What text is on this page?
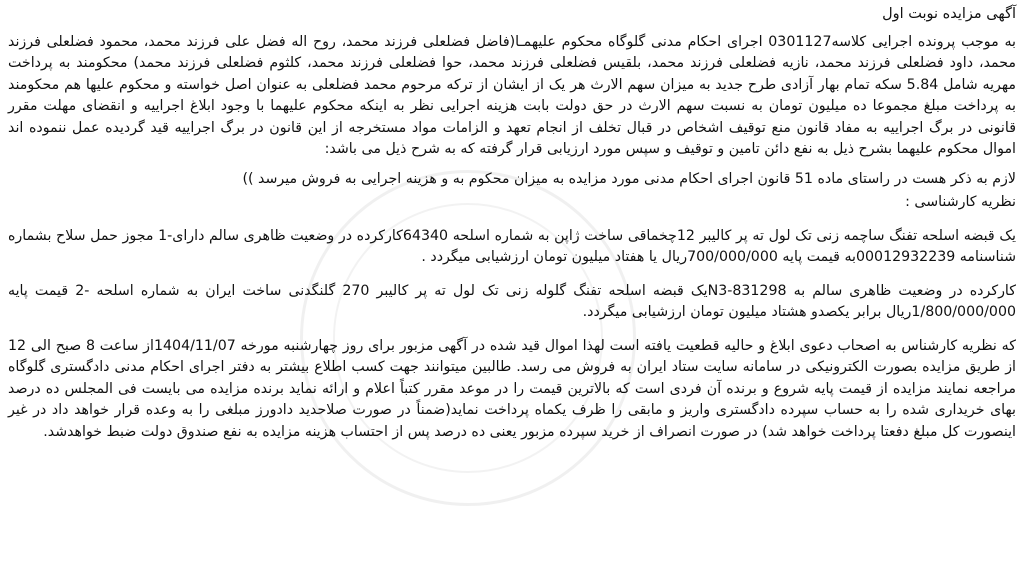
آگهی مزایده نوبت اول

به موجب پرونده اجرایی کلاسه0301127 اجرای احکام مدنی گلوگاه محکوم علیهمـا(فاضل فضلعلی فرزند محمد، روح اله فضل علی فرزند محمد، محمود فضلعلی فرزند محمد، داود فضلعلی فرزند محمد، نازیه فضلعلی فرزند محمد، بلقیس فضلعلی فرزند محمد، حوا فضلعلی فرزند محمد، کلثوم فضلعلی فرزند محمد) محکومند به پرداخت مهریه شامل 5.84 سکه تمام بهار آزادی طرح جدید به میزان سهم الارث هر یک از ایشان از ترکه مرحوم محمد فضلعلی به عنوان اصل خواسته و محکوم علیها هم محکومند به پرداخت مبلغ مجموعا ده میلیون تومان به نسبت سهم الارث در حق دولت بابت هزینه اجرایی نظر به اینکه محکوم علیهما با وجود ابلاغ اجراییه و انقضای مهلت مقرر قانونی در برگ اجراییه به مفاد قانون منع توقیف اشخاص در قبال تخلف از انجام تعهد و الزامات مواد مستخرجه از این قانون در برگ اجراییه قید گردیده عمل ننموده اند اموال محکوم علیهما بشرح ذیل به نفع دائن تامین و توقیف و سپس مورد ارزیابی قرار گرفته که به شرح ذیل می باشد:

لازم به ذکر هست در راستای ماده 51 قانون اجرای احکام مدنی مورد مزایده به میزان محکوم به و هزینه اجرایی به فروش میرسد ))

نظریه کارشناسی :

یک قبضه اسلحه تفنگ ساچمه زنی تک لول ته پر کالیبر 12چخماقی ساخت ژاپن به شماره اسلحه 64340کارکرده در وضعیت ظاهری سالم دارای-1 مجوز حمل سلاح بشماره شناسنامه 00012932239به قیمت پایه 700/000/000ریال یا هفتاد میلیون تومان ارزشیابی میگردد .

کارکرده در وضعیت ظاهری سالم به N3-831298یک قبضه اسلحه تفنگ گلوله زنی تک لول ته پر کالیبر 270 گلنگدنی ساخت ایران به شماره اسلحه -2 قیمت پایه 1/800/000/000ریال برابر یکصدو هشتاد میلیون تومان ارزشیابی میگردد.

که نظریه کارشناس به اصحاب دعوی ابلاغ و حالیه قطعیت یافته است لهذا اموال قید شده در آگهی مزبور برای روز چهارشنبه مورخه 1404/11/07از ساعت 8 صبح الی 12 از طریق مزایده بصورت الکترونیکی در سامانه سایت ستاد ایران به فروش می رسد. طالبین میتوانند جهت کسب اطلاع بیشتر به دفتر اجرای احکام مدنی دادگستری گلوگاه مراجعه نمایند مزایده از قیمت پایه شروع و برنده آن فردی است که بالاترین قیمت را در موعد مقرر کتباً اعلام و ارائه نماید برنده مزایده می بایست فی المجلس ده درصد بهای خریداری شده را به حساب سپرده دادگستری واریز و مابقی را ظرف یکماه پرداخت نماید(ضمناً در صورت صلاحدید دادورز مبلغی را به وعده قرار خواهد داد در غیر اینصورت کل مبلغ دفعتا پرداخت خواهد شد) در صورت انصراف از خرید سپرده مزبور یعنی ده درصد پس از احتساب هزینه مزایده به نفع صندوق دولت ضبط خواهدشد.
